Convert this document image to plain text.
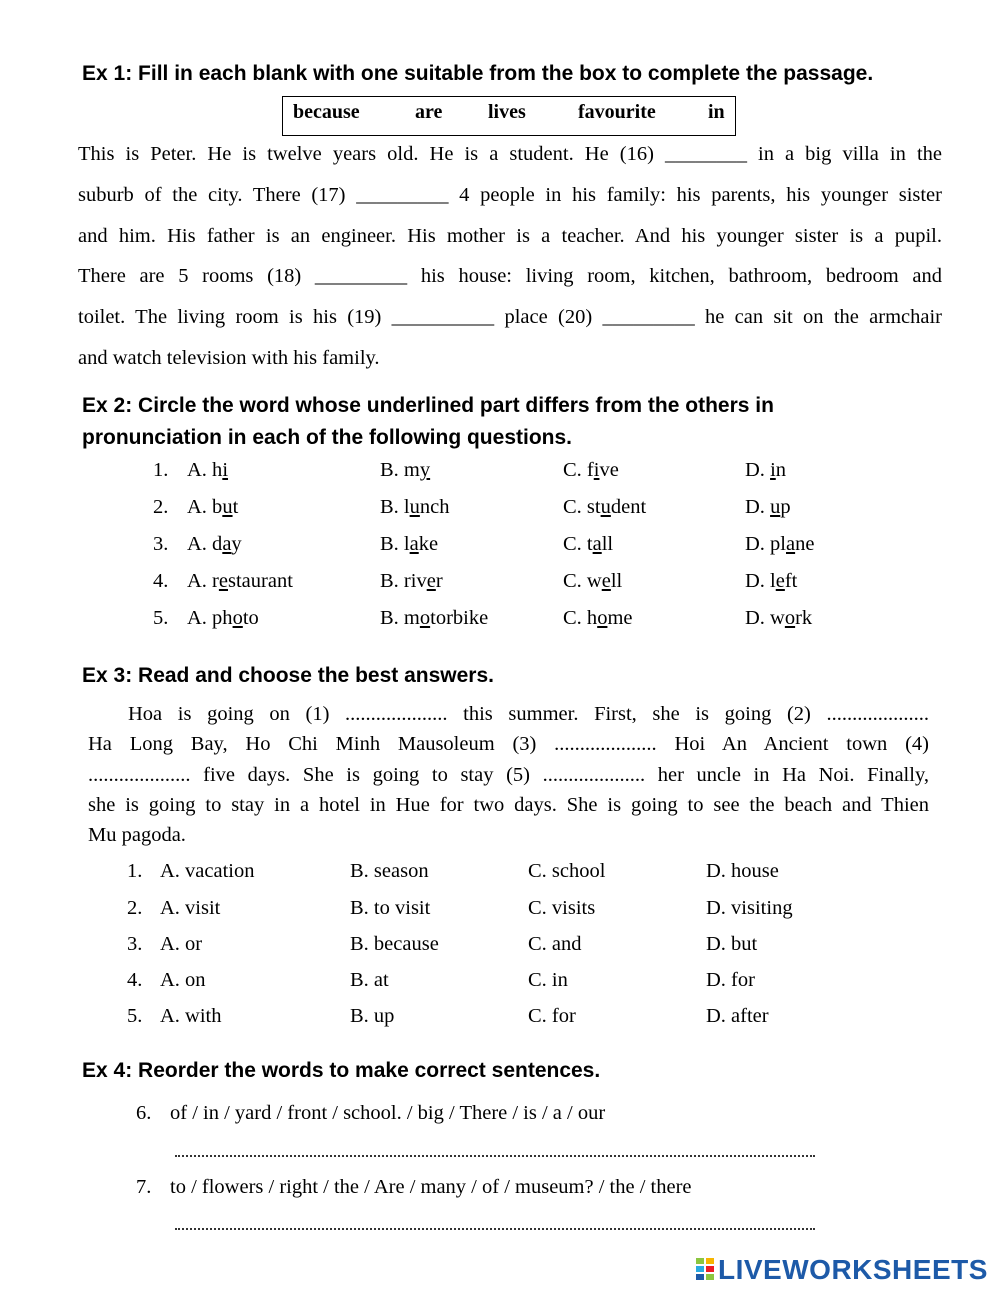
Ex 1: Fill in each blank with one suitable from the box to complete the passage.
because	are lives	favourite	in

This is Peter. He is twelve years old. He is a student. He (16) ________ in a big villa in the

suburb of the city. There (17) _________ 4 people in his family: his parents, his younger sister

and him. His father is an engineer. His mother is a teacher. And his younger sister is a pupil.

There are 5 rooms (18) _________ his house: living room, kitchen, bathroom, bedroom and

toilet. The living room is his (19) __________ place (20) _________ he can sit on the armchair

and watch television with his family.

Ex 2: Circle the word whose underlined part differs from the others in
pronunciation in each of the following questions.
1. A. hi	B. my	C. five	D. in
2. A. but	B. lunch	C. student	D. up
3. A. day	B. lake	C. tall	D. plane
4. A. restaurant	B. river	C. well	D. left
5. A. photo	B. motorbike	C. home	D. work
Ex 3: Read and choose the best answers.

Hoa is going on (1) .................... this summer. First, she is going (2) ....................

Ha Long Bay, Ho Chi Minh Mausoleum (3) .................... Hoi An Ancient town (4)

.................... five days. She is going to stay (5) .................... her uncle in Ha Noi. Finally,

she is going to stay in a hotel in Hue for two days. She is going to see the beach and Thien

Mu pagoda.

1. A. vacation	B. season	C. school	D. house
2. A. visit	B. to visit	C. visits	D. visiting
3. A. or	B. because	C. and	D. but
4. A. on	B. at	C. in	D. for
5. A. with	B. up	C. for	D. after
Ex 4: Reorder the words to make correct sentences.
6. of / in / yard / front / school. / big / There / is / a / our
7. to / flowers / right / the / Are / many / of / museum? / the / there
LIVEWORKSHEETS
